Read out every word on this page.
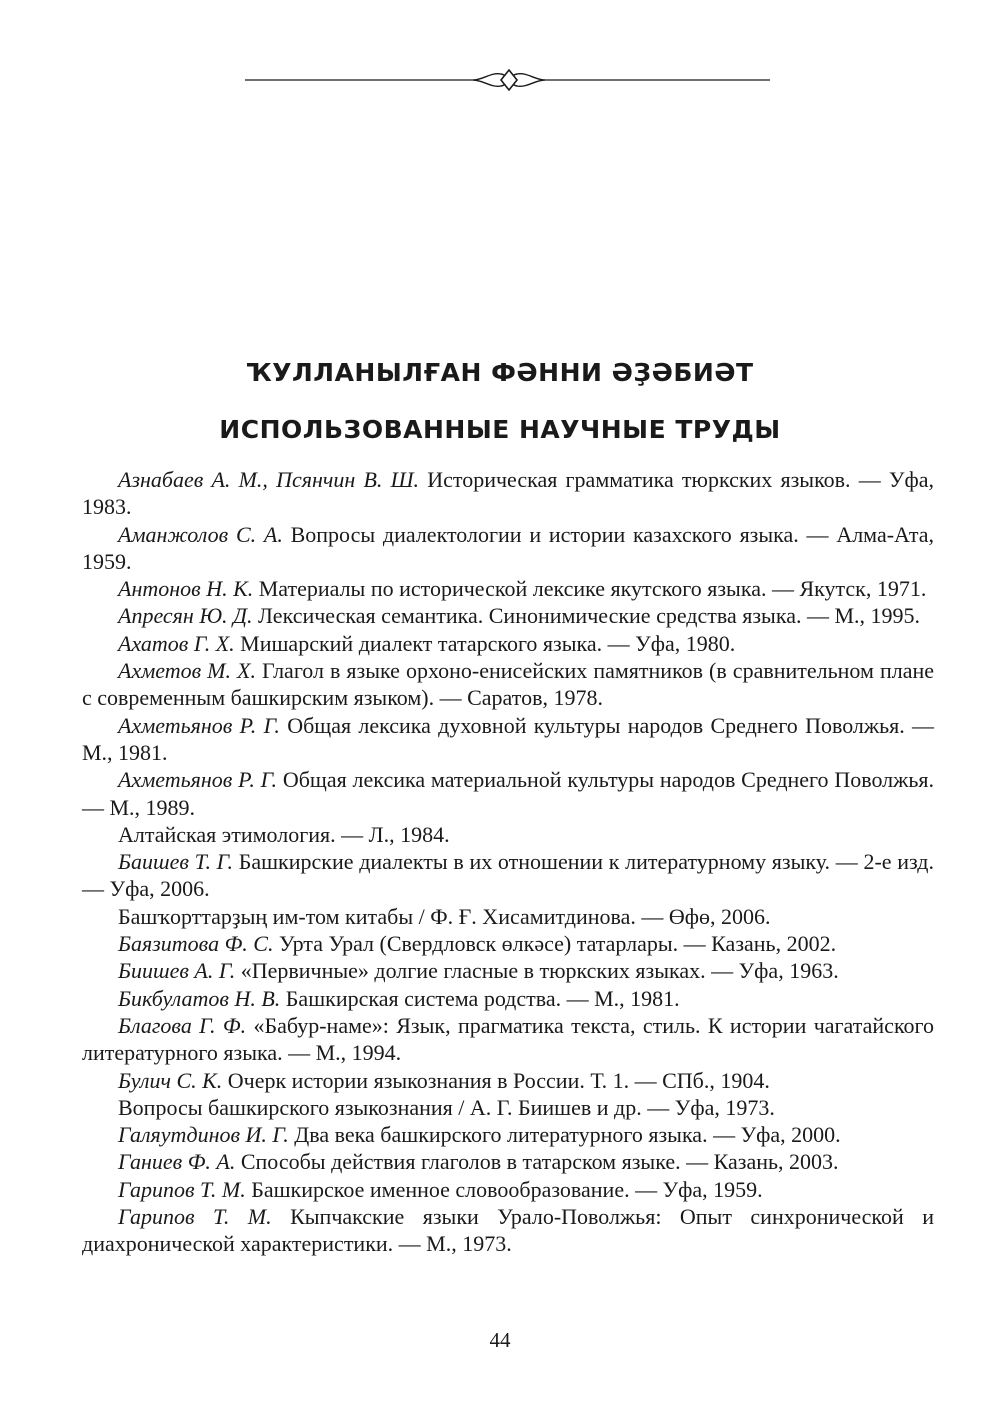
ҠУЛЛАНЫЛҒАН ФӘННИ ӘҘӘБИӘТ
ИСПОЛЬЗОВАННЫЕ НАУЧНЫЕ ТРУДЫ

Азнабаев А. М., Псянчин В. Ш. Историческая грамматика тюркских языков. — Уфа, 1983.

Аманжолов С. А. Вопросы диалектологии и истории казахского языка. — Алма-Ата, 1959.

Антонов Н. К. Материалы по исторической лексике якутского языка. — Якутск, 1971.

Апресян Ю. Д. Лексическая семантика. Синонимические средства языка. — М., 1995.

Ахатов Г. Х. Мишарский диалект татарского языка. — Уфа, 1980.

Ахметов М. Х. Глагол в языке орхоно-енисейских памятников (в сравнительном плане с современным башкирским языком). — Саратов, 1978.

Ахметьянов Р. Г. Общая лексика духовной культуры народов Среднего Поволжья. — М., 1981.

Ахметьянов Р. Г. Общая лексика материальной культуры народов Среднего Поволжья. — М., 1989.

Алтайская этимология. — Л., 1984.

Баишев Т. Г. Башкирские диалекты в их отношении к литературному языку. — 2-е изд. — Уфа, 2006.

Башҡорттарҙың им-том китабы / Ф. Ғ. Хисамитдинова. — Өфө, 2006.

Баязитова Ф. С. Урта Урал (Свердловск өлкәсе) татарлары. — Казань, 2002.

Биишев А. Г. «Первичные» долгие гласные в тюркских языках. — Уфа, 1963.

Бикбулатов Н. В. Башкирская система родства. — М., 1981.

Благова Г. Ф. «Бабур-наме»: Язык, прагматика текста, стиль. К истории чагатайского литературного языка. — М., 1994.

Булич С. К. Очерк истории языкознания в России. Т. 1. — СПб., 1904.

Вопросы башкирского языкознания / А. Г. Биишев и др. — Уфа, 1973.

Галяутдинов И. Г. Два века башкирского литературного языка. — Уфа, 2000.

Ганиев Ф. А. Способы действия глаголов в татарском языке. — Казань, 2003.

Гарипов Т. М. Башкирское именное словообразование. — Уфа, 1959.

Гарипов Т. М. Кыпчакские языки Урало-Поволжья: Опыт синхронической и диахронической характеристики. — М., 1973.

44
